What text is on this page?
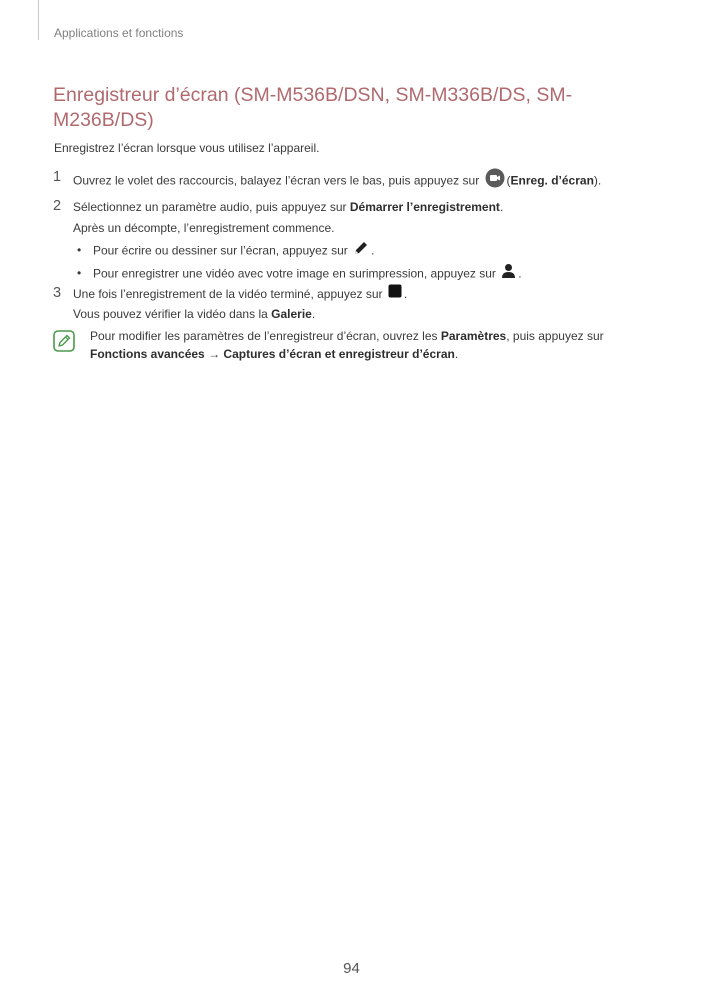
Applications et fonctions
Enregistreur d’écran (SM-M536B/DSN, SM-M336B/DS, SM-M236B/DS)
Enregistrez l’écran lorsque vous utilisez l’appareil.
1 Ouvrez le volet des raccourcis, balayez l’écran vers le bas, puis appuyez sur (Enreg. d’écran).
2 Sélectionnez un paramètre audio, puis appuyez sur Démarrer l’enregistrement.
Après un décompte, l’enregistrement commence.
• Pour écrire ou dessiner sur l’écran, appuyez sur .
• Pour enregistrer une vidéo avec votre image en surimpression, appuyez sur .
3 Une fois l’enregistrement de la vidéo terminé, appuyez sur .
Vous pouvez vérifier la vidéo dans la Galerie.
Pour modifier les paramètres de l’enregistreur d’écran, ouvrez les Paramètres, puis appuyez sur
Fonctions avancées → Captures d’écran et enregistreur d’écran.
94
